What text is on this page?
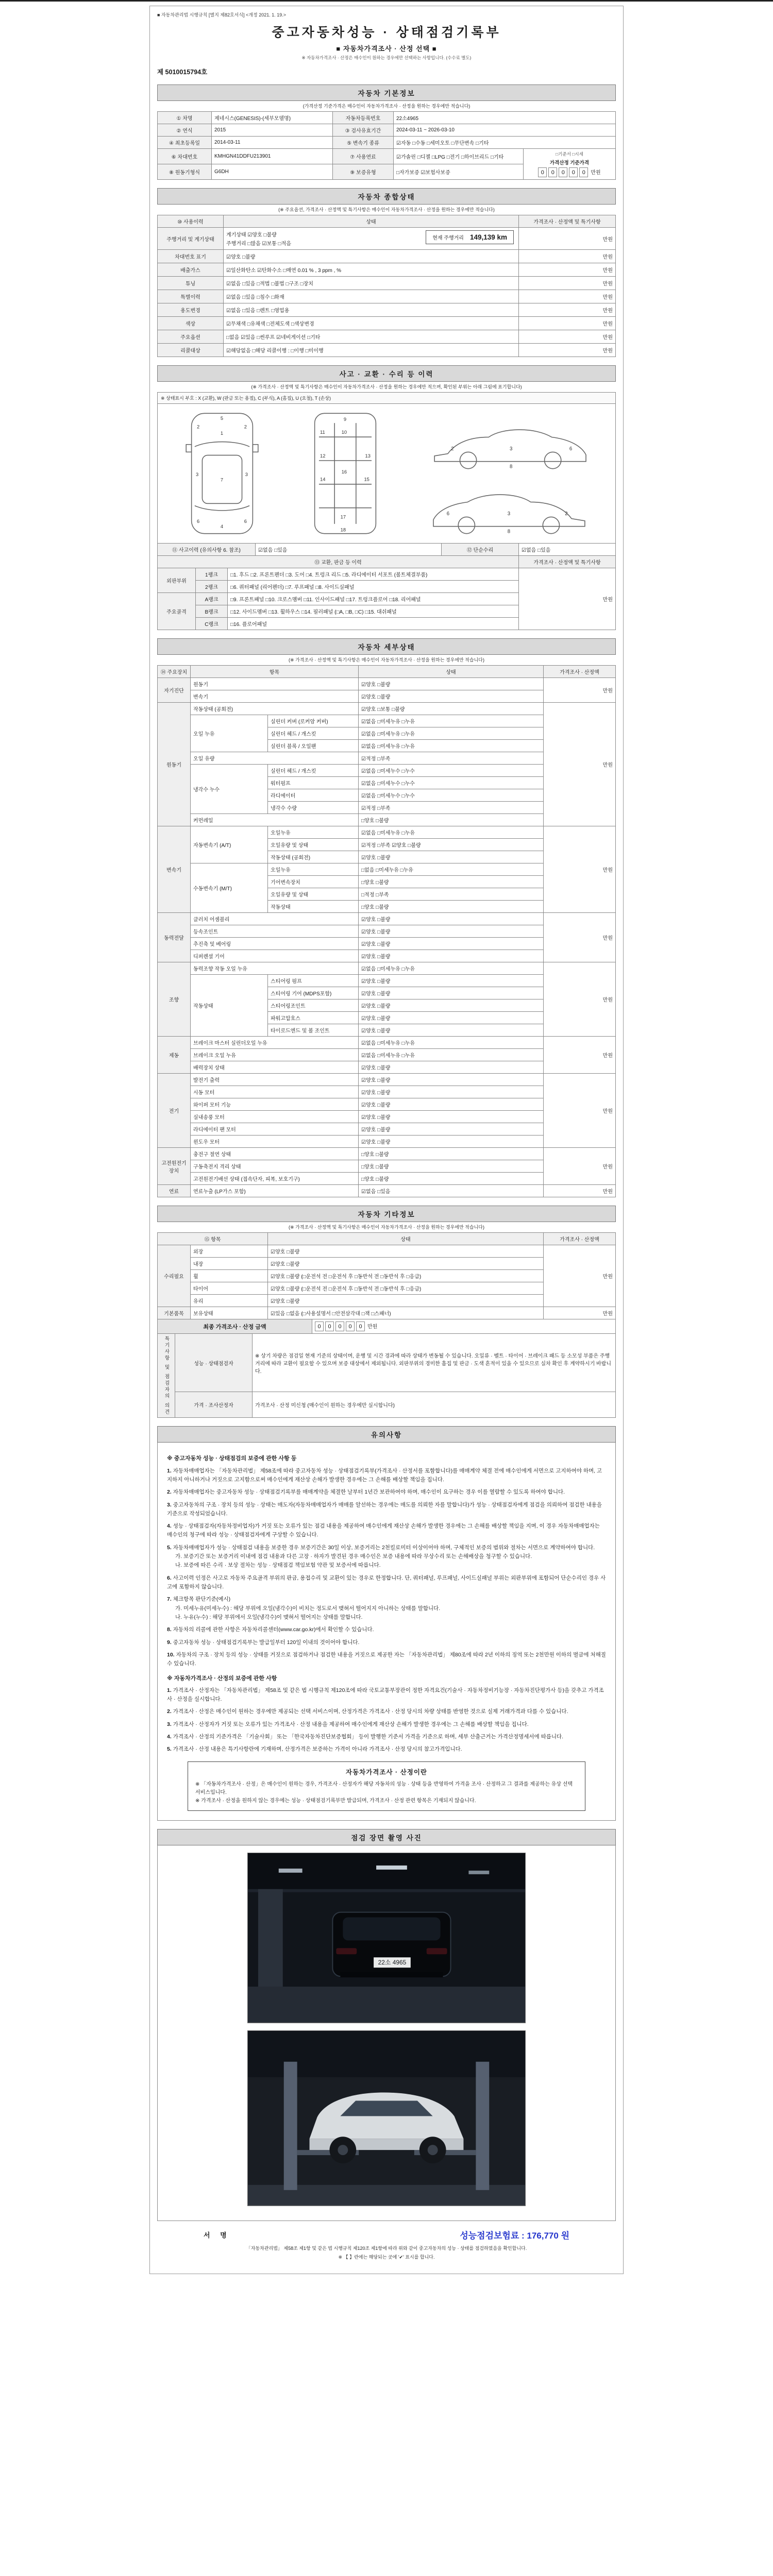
■ 자동차관리법 시행규칙 [별지 제82호서식] <개정 2021. 1. 19.>
중고자동차성능 · 상태점검기록부
■ 자동차가격조사 · 산정 선택 ■
※ 자동차가격조사 · 산정은 매수인이 원하는 경우에만 선택하는 사항입니다. (수수료 별도)
제 5010015794호
자동차 기본정보
(가격산정 기준가격은 매수인이 자동차가격조사 · 산정을 원하는 경우에만 적습니다)
① 차명	제네시스(GENESIS)-(세부모델명)	자동차등록번호	22소4965	
② 연식	2015	③ 검사유효기간	2024-03-11 ~ 2026-03-10	
④ 최초등록일	2014-03-11	⑤ 변속기 종류	☑자동 □수동 □세미오토 □무단변속 □기타	
⑥ 차대번호	KMHGN41DDFU213901	⑦ 사용연료	☑가솔린 □디젤 □LPG □전기 □하이브리드 □기타	□기준서 □시세
가격산정 기준가격
0 0 0 0 0 만원

⑧ 원동기형식	G6DH	⑨ 보증유형	□자가보증 ☑보험사보증	
자동차 종합상태
(※ 주요옵션, 가격조사 · 산정액 및 특기사항은 매수인이 자동차가격조사 · 산정을 원하는 경우에만 적습니다)
⑩ 사용이력	상태	가격조사 · 산정액 및 특기사항
주행거리 및 계기상태	현재 주행거리 149,139 km
계기상태 ☑양호 □불량
주행거리 □많음 ☑보통 □적음	만원
차대번호 표기	☑양호 □불량	만원
배출가스	☑일산화탄소 ☑탄화수소 □매연 0.01 % , 3 ppm , %	만원
튜닝	☑없음 □있음 □적법 □불법 □구조 □장치	만원
특별이력	☑없음 □있음 □침수 □화재	만원
용도변경	☑없음 □있음 □렌트 □영업용	만원
색상	☑무채색 □유채색 □전체도색 □색상변경	만원
주요옵션	□없음 ☑있음 □썬루프 ☑네비게이션 □기타	만원
리콜대상	☑해당없음 □해당 리콜이행 : □이행 □미이행	만원
사고 · 교환 · 수리 등 이력
(※ 가격조사 · 산정액 및 특기사항은 매수인이 자동차가격조사 · 산정을 원하는 경우에만 적으며, 확인된 부위는 아래 그림에 표기합니다)
※ 상태표시 부호 : X (교환), W (판금 또는 용접), C (부식), A (흠집), U (요철), T (손상)
5
1
2	2
3	3
7
6	6
4
9
10
11
12	13
14	15
16
17
18
2	3	6
8
2
3
6
8
⑪ 사고이력 (유의사항 6. 참조)	☑없음 □있음	⑫ 단순수리	☑없음 □있음
⑬ 교환, 판금 등 이력			가격조사 · 산정액 및 특기사항
외판부위	1랭크	□1. 후드 □2. 프론트펜더 □3. 도어 □4. 트렁크 리드 □5. 라디에이터 서포트 (볼트체결부품)	만원
	2랭크	□6. 쿼터패널 (리어펜더) □7. 루프패널 □8. 사이드실패널	
주요골격	A랭크	□9. 프론트패널 □10. 크로스멤버 □11. 인사이드패널 □17. 트렁크플로어 □18. 리어패널	
	B랭크	□12. 사이드멤버 □13. 휠하우스 □14. 필러패널 (□A, □B, □C) □15. 대쉬패널	
	C랭크	□16. 플로어패널	
자동차 세부상태
(※ 가격조사 · 산정액 및 특기사항은 매수인이 자동차가격조사 · 산정을 원하는 경우에만 적습니다)
⑭ 주요장치	항목		상태	가격조사 · 산정액
자기진단	원동기		☑양호 □불량	만원
	변속기		☑양호 □불량	
원동기	작동상태 (공회전)		☑양호 □보통 □불량	만원
	오일 누유	실린더 커버 (로커암 커버)	☑없음 □미세누유 □누유	
		실린더 헤드 / 개스킷	☑없음 □미세누유 □누유	
		실린더 블록 / 오일팬	☑없음 □미세누유 □누유	
	오일 유량		☑적정 □부족	
	냉각수 누수	실린더 헤드 / 개스킷	☑없음 □미세누수 □누수	
		워터펌프	☑없음 □미세누수 □누수	
		라디에이터	☑없음 □미세누수 □누수	
		냉각수 수량	☑적정 □부족	
	커먼레일		□양호 □불량	
변속기	자동변속기 (A/T)	오일누유	☑없음 □미세누유 □누유	만원
		오일유량 및 상태	☑적정 □부족 ☑양호 □불량	
		작동상태 (공회전)	☑양호 □불량	
	수동변속기 (M/T)	오일누유	□없음 □미세누유 □누유	
		기어변속장치	□양호 □불량	
		오일유량 및 상태	□적정 □부족	
		작동상태	□양호 □불량	
동력전달	클러치 어셈블리		☑양호 □불량	만원
	등속조인트		☑양호 □불량	
	추진축 및 베어링		☑양호 □불량	
	디퍼렌셜 기어		☑양호 □불량	
조향	동력조향 작동 오일 누유		☑없음 □미세누유 □누유	만원
	작동상태	스티어링 펌프	☑양호 □불량	
		스티어링 기어 (MDPS포함)	☑양호 □불량	
		스티어링조인트	☑양호 □불량	
		파워고압호스	☑양호 □불량	
		타이로드엔드 및 볼 조인트	☑양호 □불량	
제동	브레이크 마스터 실린더오일 누유		☑없음 □미세누유 □누유	만원
	브레이크 오일 누유		☑없음 □미세누유 □누유	
	배력장치 상태		☑양호 □불량	
전기	발전기 출력		☑양호 □불량	만원
	시동 모터		☑양호 □불량	
	와이퍼 모터 기능		☑양호 □불량	
	실내송풍 모터		☑양호 □불량	
	라디에이터 팬 모터		☑양호 □불량	
	윈도우 모터		☑양호 □불량	
고전원전기장치	충전구 절연 상태		□양호 □불량	만원
	구동축전지 격리 상태		□양호 □불량	
	고전원전기배선 상태 (접속단자, 피복, 보호기구)		□양호 □불량	
연료	연료누출 (LP가스 포함)		☑없음 □있음	만원
자동차 기타정보
(※ 가격조사 · 산정액 및 특기사항은 매수인이 자동차가격조사 · 산정을 원하는 경우에만 적습니다)
⑮ 항목		상태	가격조사 · 산정액
수리필요	외장	☑양호 □불량	만원
	내장	☑양호 □불량	
	휠	☑양호 □불량 (□운전석 전 □운전석 후 □동반석 전 □동반석 후 □응급)	
	타이어	☑양호 □불량 (□운전석 전 □운전석 후 □동반석 전 □동반석 후 □응급)	
	유리	☑양호 □불량	
기본품목	보유상태	☑있음 □없음 (□사용설명서 □안전삼각대 □잭 □스패너)	만원
최종 가격조사 · 산정 금액	0 0 0 0 0 만원
특기사항 및 점검자의 의견	성능 · 상태점검자	※ 상기 차량은 점검일 현재 기준의 상태이며, 운행 및 시간 경과에 따라 상태가 변동될 수 있습니다. 오일류 · 벨트 · 타이어 · 브레이크 패드 등 소모성 부품은 주행거리에 따라 교환이 필요할 수 있으며 보증 대상에서 제외됩니다. 외판부위의 경미한 흠집 및 판금 · 도색 흔적이 있을 수 있으므로 실차 확인 후 계약하시기 바랍니다.
	가격 · 조사산정자	가격조사 · 산정 미신청 (매수인이 원하는 경우에만 실시합니다)
유의사항
※ 중고자동차 성능 · 상태점검의 보증에 관한 사항 등
1. 자동차매매업자는 「자동차관리법」 제58조에 따라 중고자동차 성능 · 상태점검기록부(가격조사 · 산정서를 포함합니다)를 매매계약 체결 전에 매수인에게 서면으로 고지하여야 하며, 고지하지 아니하거나 거짓으로 고지함으로써 매수인에게 재산상 손해가 발생한 경우에는 그 손해를 배상할 책임을 집니다.
2. 자동차매매업자는 중고자동차 성능 · 상태점검기록부를 매매계약을 체결한 날부터 1년간 보관하여야 하며, 매수인이 요구하는 경우 이를 열람할 수 있도록 하여야 합니다.
3. 중고자동차의 구조 · 장치 등의 성능 · 상태는 매도자(자동차매매업자가 매매를 알선하는 경우에는 매도를 의뢰한 자를 말합니다)가 성능 · 상태점검자에게 점검을 의뢰하여 점검한 내용을 기준으로 작성되었습니다.
4. 성능 · 상태점검자(자동차정비업자)가 거짓 또는 오류가 있는 점검 내용을 제공하여 매수인에게 재산상 손해가 발생한 경우에는 그 손해를 배상할 책임을 지며, 이 경우 자동차매매업자는 매수인의 청구에 따라 성능 · 상태점검자에게 구상할 수 있습니다.
5. 자동차매매업자가 성능 · 상태점검 내용을 보증한 경우 보증기간은 30일 이상, 보증거리는 2천킬로미터 이상이어야 하며, 구체적인 보증의 범위와 절차는 서면으로 계약하여야 합니다.
가. 보증기간 또는 보증거리 이내에 점검 내용과 다른 고장 · 하자가 발견된 경우 매수인은 보증 내용에 따라 무상수리 또는 손해배상을 청구할 수 있습니다.
나. 보증에 따른 수리 · 보상 절차는 성능 · 상태점검 책임보험 약관 및 보증서에 따릅니다.
6. 사고이력 인정은 사고로 자동차 주요골격 부위의 판금, 용접수리 및 교환이 있는 경우로 한정합니다. 단, 쿼터패널, 루프패널, 사이드실패널 부위는 외판부위에 포함되어 단순수리인 경우 사고에 포함하지 않습니다.
7. 체크항목 판단기준(예시)
가. 미세누유(미세누수) : 해당 부위에 오일(냉각수)이 비치는 정도로서 맺혀서 떨어지지 아니하는 상태를 말합니다.
나. 누유(누수) : 해당 부위에서 오일(냉각수)이 맺혀서 떨어지는 상태를 말합니다.
8. 자동차의 리콜에 관한 사항은 자동차리콜센터(www.car.go.kr)에서 확인할 수 있습니다.
9. 중고자동차 성능 · 상태점검기록부는 발급일부터 120일 이내의 것이어야 합니다.
10. 자동차의 구조 · 장치 등의 성능 · 상태를 거짓으로 점검하거나 점검한 내용을 거짓으로 제공한 자는 「자동차관리법」 제80조에 따라 2년 이하의 징역 또는 2천만원 이하의 벌금에 처해질 수 있습니다.
※ 자동차가격조사 · 산정의 보증에 관한 사항
1. 가격조사 · 산정자는 「자동차관리법」 제58조 및 같은 법 시행규칙 제120조에 따라 국토교통부장관이 정한 자격요건(기술사 · 자동차정비기능장 · 자동차진단평가사 등)을 갖추고 가격조사 · 산정을 실시합니다.
2. 가격조사 · 산정은 매수인이 원하는 경우에만 제공되는 선택 서비스이며, 산정가격은 가격조사 · 산정 당시의 차량 상태를 반영한 것으로 실제 거래가격과 다를 수 있습니다.
3. 가격조사 · 산정자가 거짓 또는 오류가 있는 가격조사 · 산정 내용을 제공하여 매수인에게 재산상 손해가 발생한 경우에는 그 손해를 배상할 책임을 집니다.
4. 가격조사 · 산정의 기준가격은 「기술사회」 또는 「한국자동차진단보증협회」 등이 발행한 기준서 가격을 기준으로 하며, 세부 산출근거는 가격산정명세서에 따릅니다.
5. 가격조사 · 산정 내용은 특기사항란에 기재하며, 산정가격은 보증하는 가격이 아니라 가격조사 · 산정 당시의 참고가격입니다.
자동차가격조사 · 산정이란
※ 「자동차가격조사 · 산정」은 매수인이 원하는 경우, 가격조사 · 산정자가 해당 자동차의 성능 · 상태 등을 반영하여 가격을 조사 · 산정하고 그 결과를 제공하는 유상 선택 서비스입니다.
※ 가격조사 · 산정을 원하지 않는 경우에는 성능 · 상태점검기록부만 발급되며, 가격조사 · 산정 관련 항목은 기재되지 않습니다.
점검 장면 촬영 사진
22소 4965
서 명	성능점검보험료 : 176,770 원
「자동차관리법」 제58조 제1항 및 같은 법 시행규칙 제120조 제1항에 따라 위와 같이 중고자동차의 성능 · 상태를 점검하였음을 확인합니다.
※ 【 】란에는 해당되는 곳에 '✔' 표시를 합니다.
